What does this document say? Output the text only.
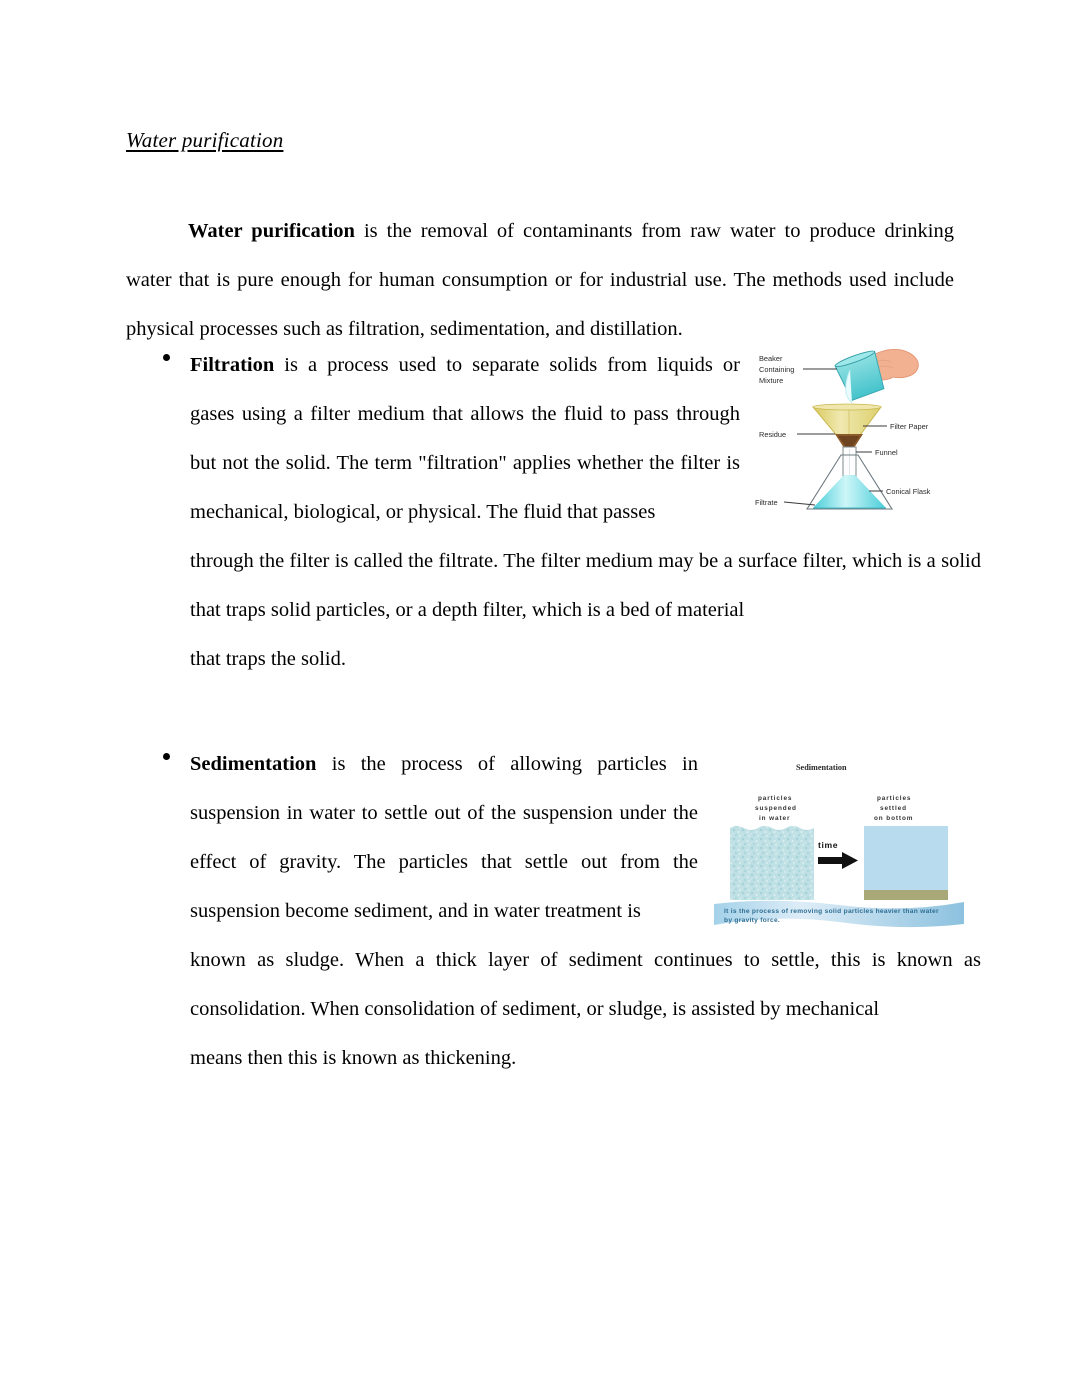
Water purification

Water purification is the removal of contaminants from raw water to produce drinking water that is pure enough for human consumption or for industrial use. The methods used include physical processes such as filtration, sedimentation, and distillation.

Filtration is a process used to separate solids from liquids or gases using a filter medium that allows the fluid to pass through but not the solid. The term "filtration" applies whether the filter is mechanical, biological, or physical. The fluid that passes
through the filter is called the filtrate. The filter medium may be a surface filter, which is a solid that traps solid particles, or a depth filter, which is a bed of material
that traps the solid.
Beaker
Containing
Mixture
Residue
Filtrate
Filter Paper
Funnel
Conical Flask
Sedimentation is the process of allowing particles in suspension in water to settle out of the suspension under the effect of gravity. The particles that settle out from the suspension become sediment, and in water treatment is
known as sludge. When a thick layer of sediment continues to settle, this is known as consolidation. When consolidation of sediment, or sludge, is assisted by mechanical
means then this is known as thickening.
Sedimentation
particles
suspended
in water
particles
settled
on bottom
time
It is the process of removing solid particles heavier than water
by gravity force.
